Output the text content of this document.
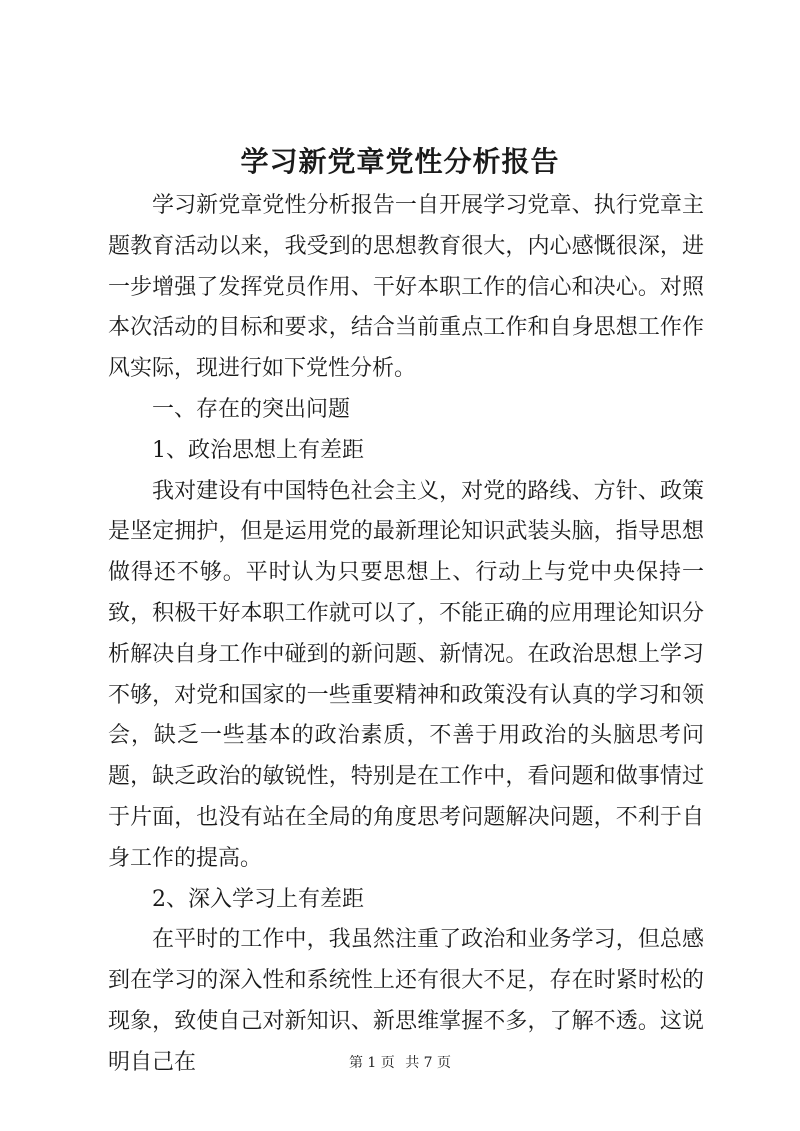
学习新党章党性分析报告

学习新党章党性分析报告一自开展学习党章、执行党章主题教育活动以来，我受到的思想教育很大，内心感慨很深，进一步增强了发挥党员作用、干好本职工作的信心和决心。对照本次活动的目标和要求，结合当前重点工作和自身思想工作作风实际，现进行如下党性分析。

一、存在的突出问题

1、政治思想上有差距

我对建设有中国特色社会主义，对党的路线、方针、政策是坚定拥护，但是运用党的最新理论知识武装头脑，指导思想做得还不够。平时认为只要思想上、行动上与党中央保持一致，积极干好本职工作就可以了，不能正确的应用理论知识分析解决自身工作中碰到的新问题、新情况。在政治思想上学习不够，对党和国家的一些重要精神和政策没有认真的学习和领会，缺乏一些基本的政治素质，不善于用政治的头脑思考问题，缺乏政治的敏锐性，特别是在工作中，看问题和做事情过于片面，也没有站在全局的角度思考问题解决问题，不利于自身工作的提高。

2、深入学习上有差距

在平时的工作中，我虽然注重了政治和业务学习，但总感到在学习的深入性和系统性上还有很大不足，存在时紧时松的现象，致使自己对新知识、新思维掌握不多，了解不透。这说明自己在	第 1 页 共 7 页
